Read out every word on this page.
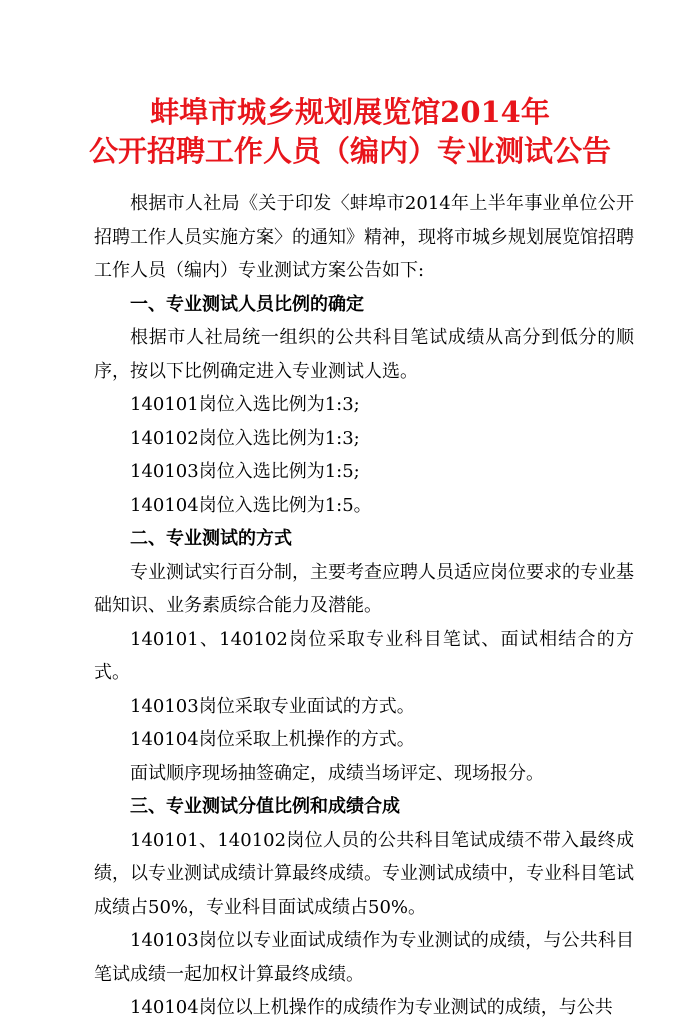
蚌埠市城乡规划展览馆2014年
公开招聘工作人员（编内）专业测试公告

根据市人社局《关于印发〈蚌埠市2014年上半年事业单位公开招聘工作人员实施方案〉的通知》精神，现将市城乡规划展览馆招聘工作人员（编内）专业测试方案公告如下:

一、专业测试人员比例的确定

根据市人社局统一组织的公共科目笔试成绩从高分到低分的顺序，按以下比例确定进入专业测试人选。

140101岗位入选比例为1:3;

140102岗位入选比例为1:3;

140103岗位入选比例为1:5;

140104岗位入选比例为1:5。

二、专业测试的方式

专业测试实行百分制，主要考查应聘人员适应岗位要求的专业基础知识、业务素质综合能力及潜能。

140101、140102岗位采取专业科目笔试、面试相结合的方式。

140103岗位采取专业面试的方式。

140104岗位采取上机操作的方式。

面试顺序现场抽签确定，成绩当场评定、现场报分。

三、专业测试分值比例和成绩合成

140101、140102岗位人员的公共科目笔试成绩不带入最终成绩，以专业测试成绩计算最终成绩。专业测试成绩中，专业科目笔试成绩占50%，专业科目面试成绩占50%。

140103岗位以专业面试成绩作为专业测试的成绩，与公共科目笔试成绩一起加权计算最终成绩。

140104岗位以上机操作的成绩作为专业测试的成绩，与公共
